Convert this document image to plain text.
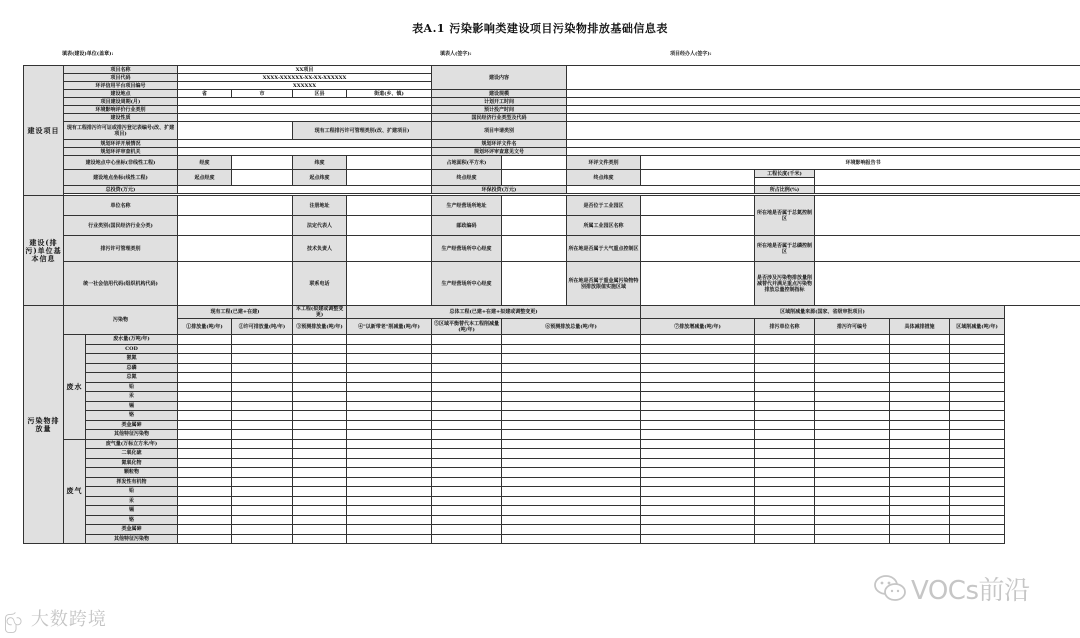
表A.1 污染影响类建设项目污染物排放基础信息表
填表(建设)单位(盖章):	填表人(签字):	项目经办人(签字):
建设项目	项目名称		XX项目				建设内容							
	项目代码		XXXX-XXXXXX-XX-XX-XXXXXX											
	环评信用平台项目编号		XXXXXX											
	建设地点		省	市	区县	街道(乡、镇)	建设规模							
	项目建设周期(月)						计划开工时间							
	环境影响评价行业类别						预计投产时间							
	建设性质						国民经济行业类型及代码							
	现有工程排污许可证或排污登记表编号(改、扩建项目)				现有工程排污许可管理类别(改、扩建项目)		项目申请类别							
	规划环评开展情况						规划环评文件名							
	规划环评审查机关						规划环评审查意见文号							
	建设地点中心坐标(非线性工程)		经度		纬度		占地面积(平方米)		环评文件类别	环境影响报告书				
	建设地点坐标(线性工程)		起点经度		起点纬度		终点经度		终点纬度		工程长度(千米)			

	总投资(万元)						环保投资(万元)				所占比例(%)			

建设(排污)单位基本信息	单位名称				注册地址		生产经营场所地址		是否位于工业园区		所在地是否属于总氮控制区			
	行业类别(国民经济行业分类)				法定代表人		邮政编码		所属工业园区名称					
	排污许可管理类别				技术负责人		生产经营场所中心经度		所在地是否属于大气重点控制区		所在地是否属于总磷控制区			
	统一社会信用代码(组织机构代码)				联系电话		生产经营场所中心经度		所在地是否属于重金属污染物特别排放限值实施区域		是否涉及污染物排放量削减替代并满足重点污染物排放总量控制指标			
污染物排放量	污染物		现有工程(已建+在建)		本工程(拟建或调整变更)	总体工程(已建+在建+拟建或调整变更)				区域削减量来源(国家、省级审批项目)				
			①排放量(吨/年)	②许可排放量(吨/年)	③预测排放量(吨/年)	④"以新带老"削减量(吨/年)	⑤区域平衡替代本工程削减量(吨/年)	⑥预测排放总量(吨/年)		⑦排放增减量(吨/年)	排污单位名称	排污许可编号	具体减排措施	区域削减量(吨/年)
	废水	废水量(万吨/年)												
		COD												
		氨氮												
		总磷												
		总氮												
		铅												
		汞												
		镉												
		铬												
		类金属砷												
		其他特征污染物												
	废气	废气量(万标立方米/年)												
		二氧化硫												
		氮氧化物												
		颗粒物												
		挥发性有机物												
		铅												
		汞												
		镉												
		铬												
		类金属砷												
		其他特征污染物												
ꩺ 大数跨境
VOCs前沿
